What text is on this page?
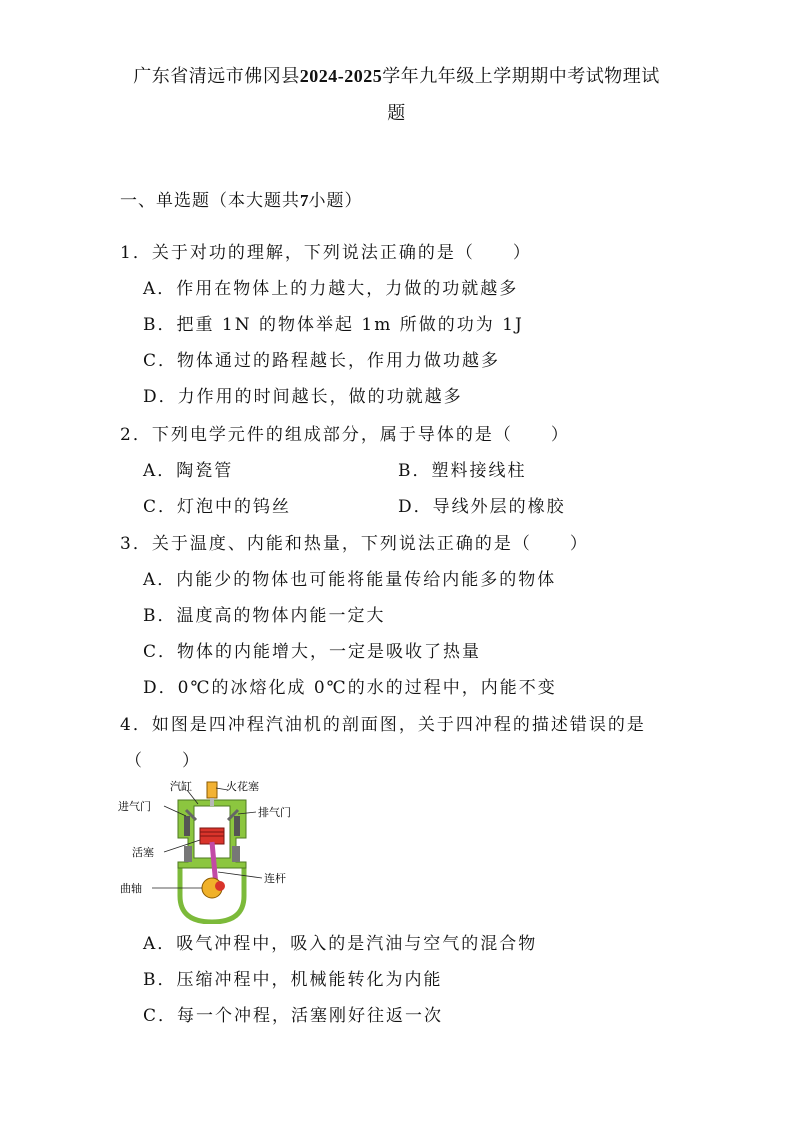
广东省清远市佛冈县2024-2025学年九年级上学期期中考试物理试
题
一、单选题（本大题共7小题）
1．关于对功的理解，下列说法正确的是（　　）
A．作用在物体上的力越大，力做的功就越多
B．把重 1N 的物体举起 1m 所做的功为 1J
C．物体通过的路程越长，作用力做功越多
D．力作用的时间越长，做的功就越多
2．下列电学元件的组成部分，属于导体的是（　　）
A．陶瓷管	B．塑料接线柱
C．灯泡中的钨丝	D．导线外层的橡胶
3．关于温度、内能和热量，下列说法正确的是（　　）
A．内能少的物体也可能将能量传给内能多的物体
B．温度高的物体内能一定大
C．物体的内能增大，一定是吸收了热量
D．0℃的冰熔化成 0℃的水的过程中，内能不变
4．如图是四冲程汽油机的剖面图，关于四冲程的描述错误的是
（　　）
汽缸	火花塞
进气门	排气门
活塞
曲轴
连杆
A．吸气冲程中，吸入的是汽油与空气的混合物
B．压缩冲程中，机械能转化为内能
C．每一个冲程，活塞刚好往返一次
